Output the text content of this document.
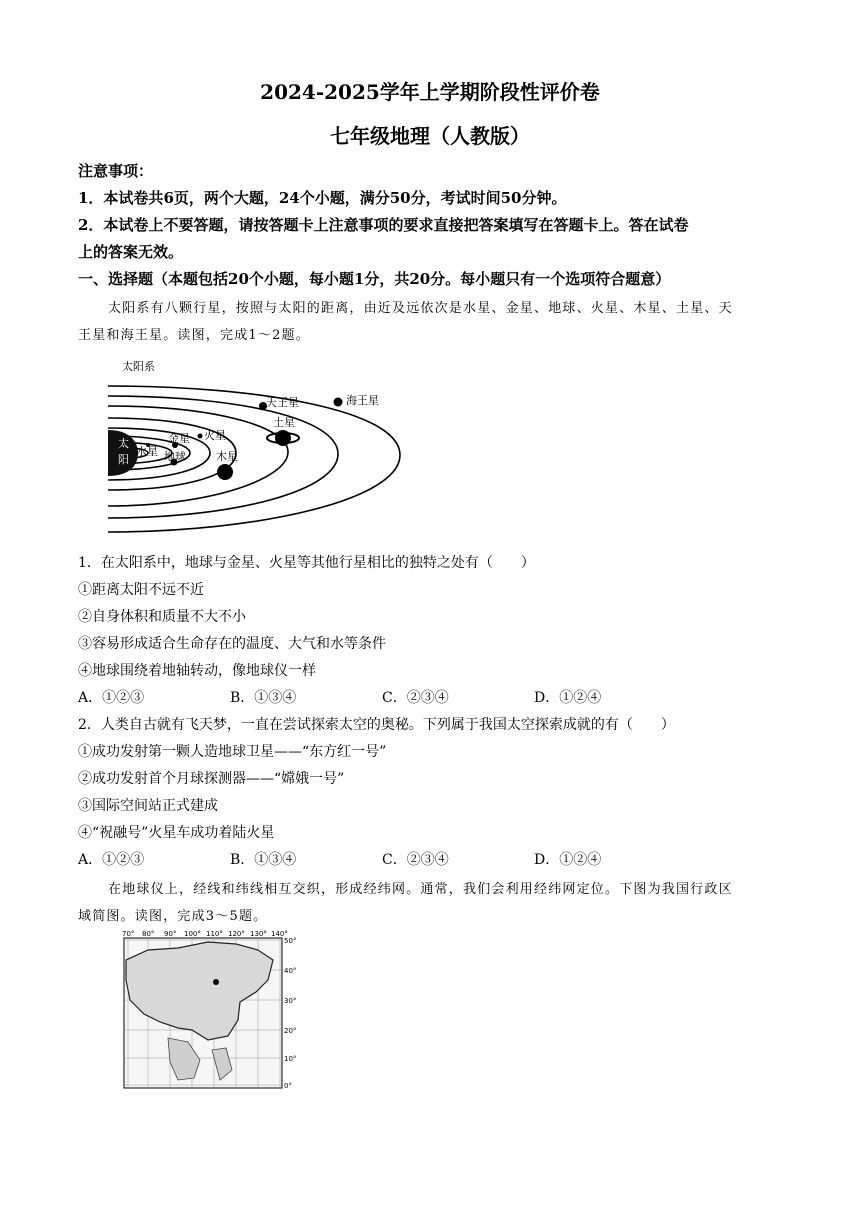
2024-2025学年上学期阶段性评价卷
七年级地理（人教版）
注意事项：
1．本试卷共6页，两个大题，24个小题，满分50分，考试时间50分钟。
2．本试卷上不要答题，请按答题卡上注意事项的要求直接把答案填写在答题卡上。答在试卷
上的答案无效。
一、选择题（本题包括20个小题，每小题1分，共20分。每小题只有一个选项符合题意）
太阳系有八颗行星，按照与太阳的距离，由近及远依次是水星、金星、地球、火星、木星、土星、天
王星和海王星。读图，完成1～2题。
太阳系
太
阳
水星
金星
地球
火星
木星
土星
天王星	海王星
1．在太阳系中，地球与金星、火星等其他行星相比的独特之处有（　　）
①距离太阳不远不近
②自身体积和质量不大不小
③容易形成适合生命存在的温度、大气和水等条件
④地球围绕着地轴转动，像地球仪一样
A．①②③	B．①③④	C．②③④	D．①②④
2．人类自古就有飞天梦，一直在尝试探索太空的奥秘。下列属于我国太空探索成就的有（　　）
①成功发射第一颗人造地球卫星——“东方红一号”
②成功发射首个月球探测器——“嫦娥一号”
③国际空间站正式建成
④“祝融号”火星车成功着陆火星
A．①②③	B．①③④	C．②③④	D．①②④
在地球仪上，经线和纬线相互交织，形成经纬网。通常，我们会利用经纬网定位。下图为我国行政区
域简图。读图，完成3～5题。
70° 80° 90° 100° 110° 120° 130° 140°
50°
40°
30°
20°
10°
0°
